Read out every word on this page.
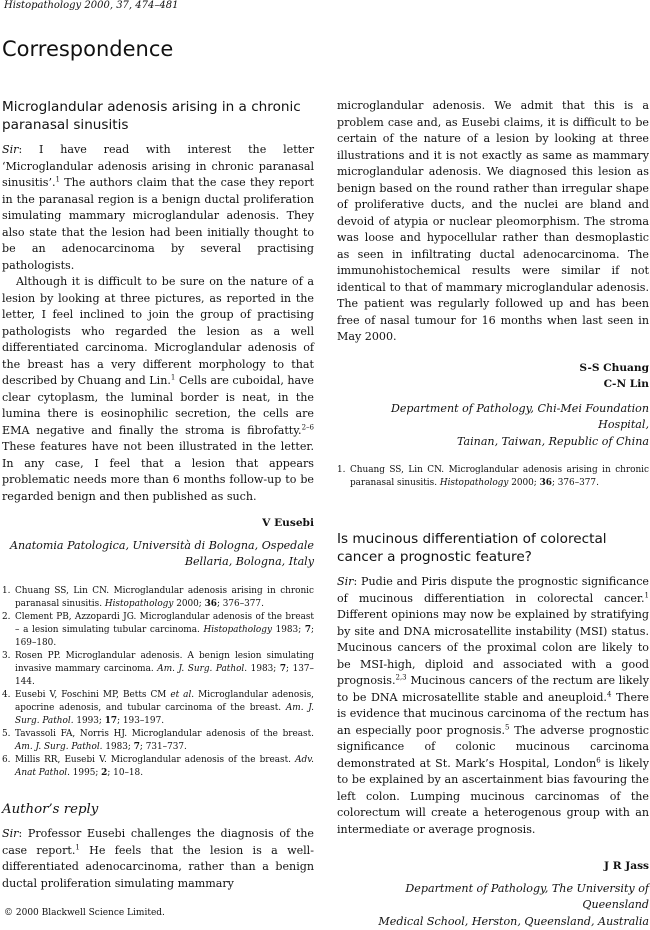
Histopathology 2000, 37, 474–481
Correspondence
Microglandular adenosis arising in a chronic paranasal sinusitis

Sir: I have read with interest the letter ‘Microglandular adenosis arising in chronic paranasal sinusitis’.$^1$ The authors claim that the case they report in the paranasal region is a benign ductal proliferation simulating mammary microglandular adenosis. They also state that the lesion had been initially thought to be an adenocarcinoma by several practising pathologists.

Although it is difficult to be sure on the nature of a lesion by looking at three pictures, as reported in the letter, I feel inclined to join the group of practising pathologists who regarded the lesion as a well differentiated carcinoma. Microglandular adenosis of the breast has a very different morphology to that described by Chuang and Lin.$^1$ Cells are cuboidal, have clear cytoplasm, the luminal border is neat, in the lumina there is eosinophilic secretion, the cells are EMA negative and finally the stroma is fibrofatty.$^{2-6}$ These features have not been illustrated in the letter. In any case, I feel that a lesion that appears problematic needs more than 6 months follow-up to be regarded benign and then published as such.

V Eusebi
Anatomia Patologica, Università di Bologna, Ospedale
Bellaria, Bologna, Italy
1. Chuang SS, Lin CN. Microglandular adenosis arising in chronic paranasal sinusitis. Histopathology 2000; 36; 376–377.
2. Clement PB, Azzopardi JG. Microglandular adenosis of the breast – a lesion simulating tubular carcinoma. Histopathology 1983; 7; 169–180.
3. Rosen PP. Microglandular adenosis. A benign lesion simulating invasive mammary carcinoma. Am. J. Surg. Pathol. 1983; 7; 137–144.
4. Eusebi V, Foschini MP, Betts CM et al. Microglandular adenosis, apocrine adenosis, and tubular carcinoma of the breast. Am. J. Surg. Pathol. 1993; 17; 193–197.
5. Tavassoli FA, Norris HJ. Microglandular adenosis of the breast. Am. J. Surg. Pathol. 1983; 7; 731–737.
6. Millis RR, Eusebi V. Microglandular adenosis of the breast. Adv. Anat Pathol. 1995; 2; 10–18.
Author’s reply

Sir: Professor Eusebi challenges the diagnosis of the case report.$^1$ He feels that the lesion is a well-differentiated adenocarcinoma, rather than a benign ductal proliferation simulating mammary

microglandular adenosis. We admit that this is a problem case and, as Eusebi claims, it is difficult to be certain of the nature of a lesion by looking at three illustrations and it is not exactly as same as mammary microglandular adenosis. We diagnosed this lesion as benign based on the round rather than irregular shape of proliferative ducts, and the nuclei are bland and devoid of atypia or nuclear pleomorphism. The stroma was loose and hypocellular rather than desmoplastic as seen in infiltrating ductal adenocarcinoma. The immunohistochemical results were similar if not identical to that of mammary microglandular adenosis. The patient was regularly followed up and has been free of nasal tumour for 16 months when last seen in May 2000.

S-S Chuang
C-N Lin
Department of Pathology, Chi-Mei Foundation Hospital,
Tainan, Taiwan, Republic of China
1. Chuang SS, Lin CN. Microglandular adenosis arising in chronic paranasal sinusitis. Histopathology 2000; 36; 376–377.
Is mucinous differentiation of colorectal cancer a prognostic feature?

Sir: Pudie and Piris dispute the prognostic significance of mucinous differentiation in colorectal cancer.$^1$ Different opinions may now be explained by stratifying by site and DNA microsatellite instability (MSI) status. Mucinous cancers of the proximal colon are likely to be MSI-high, diploid and associated with a good prognosis.$^{2,3}$ Mucinous cancers of the rectum are likely to be DNA microsatellite stable and aneuploid.$^4$ There is evidence that mucinous carcinoma of the rectum has an especially poor prognosis.$^5$ The adverse prognostic significance of colonic mucinous carcinoma demonstrated at St. Mark’s Hospital, London$^6$ is likely to be explained by an ascertainment bias favouring the left colon. Lumping mucinous carcinomas of the colorectum will create a heterogenous group with an intermediate or average prognosis.

J R Jass
Department of Pathology, The University of Queensland
Medical School, Herston, Queensland, Australia
© 2000 Blackwell Science Limited.
